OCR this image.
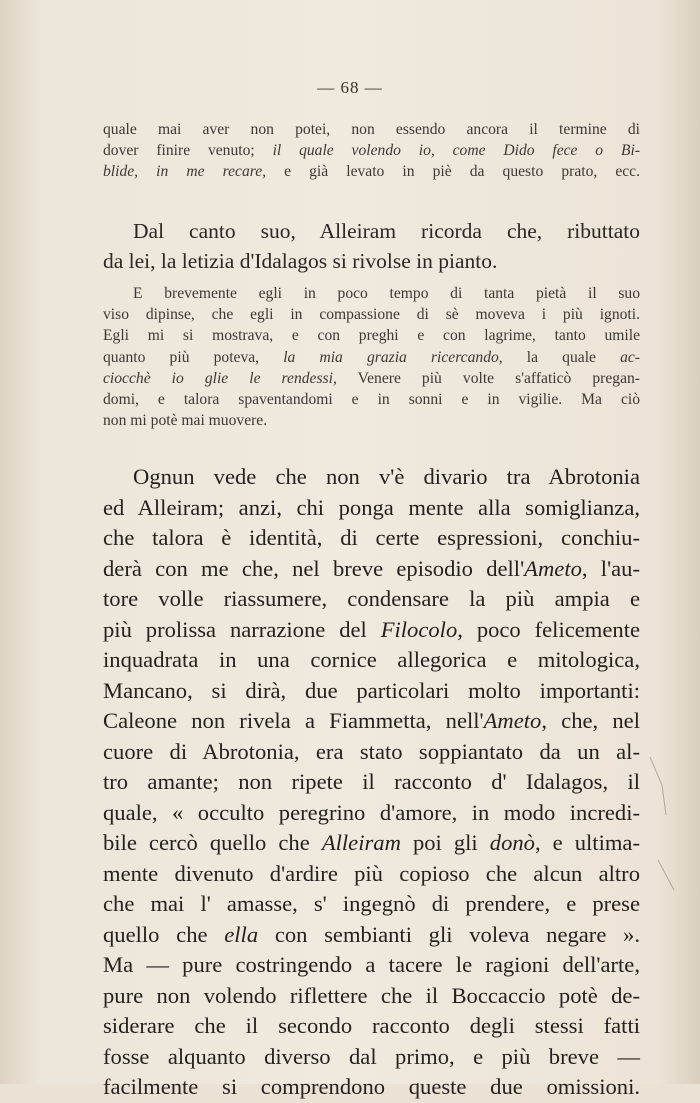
— 68 —
quale mai aver non potei, non essendo ancora il termine di
dover finire venuto; il quale volendo io, come Dido fece o Bi-
blide, in me recare, e già levato in piè da questo prato, ecc.
Dal canto suo, Alleiram ricorda che, ributtato
da lei, la letizia d'Idalagos si rivolse in pianto.
E brevemente egli in poco tempo di tanta pietà il suo
viso dipinse, che egli in compassione di sè moveva i più ignoti.
Egli mi si mostrava, e con preghi e con lagrime, tanto umile
quanto più poteva, la mia grazia ricercando, la quale ac-
ciocchè io glie le rendessi, Venere più volte s'affaticò pregan-
domi, e talora spaventandomi e in sonni e in vigilie. Ma ciò
non mi potè mai muovere.
Ognun vede che non v'è divario tra Abrotonia
ed Alleiram; anzi, chi ponga mente alla somiglianza,
che talora è identità, di certe espressioni, conchiu-
derà con me che, nel breve episodio dell'Ameto, l'au-
tore volle riassumere, condensare la più ampia e
più prolissa narrazione del Filocolo, poco felicemente
inquadrata in una cornice allegorica e mitologica,
Mancano, si dirà, due particolari molto importanti:
Caleone non rivela a Fiammetta, nell'Ameto, che, nel
cuore di Abrotonia, era stato soppiantato da un al-
tro amante; non ripete il racconto d' Idalagos, il
quale, « occulto peregrino d'amore, in modo incredi-
bile cercò quello che Alleiram poi gli donò, e ultima-
mente divenuto d'ardire più copioso che alcun altro
che mai l' amasse, s' ingegnò di prendere, e prese
quello che ella con sembianti gli voleva negare ».
Ma — pure costringendo a tacere le ragioni dell'arte,
pure non volendo riflettere che il Boccaccio potè de-
siderare che il secondo racconto degli stessi fatti
fosse alquanto diverso dal primo, e più breve —
facilmente si comprendono queste due omissioni.
